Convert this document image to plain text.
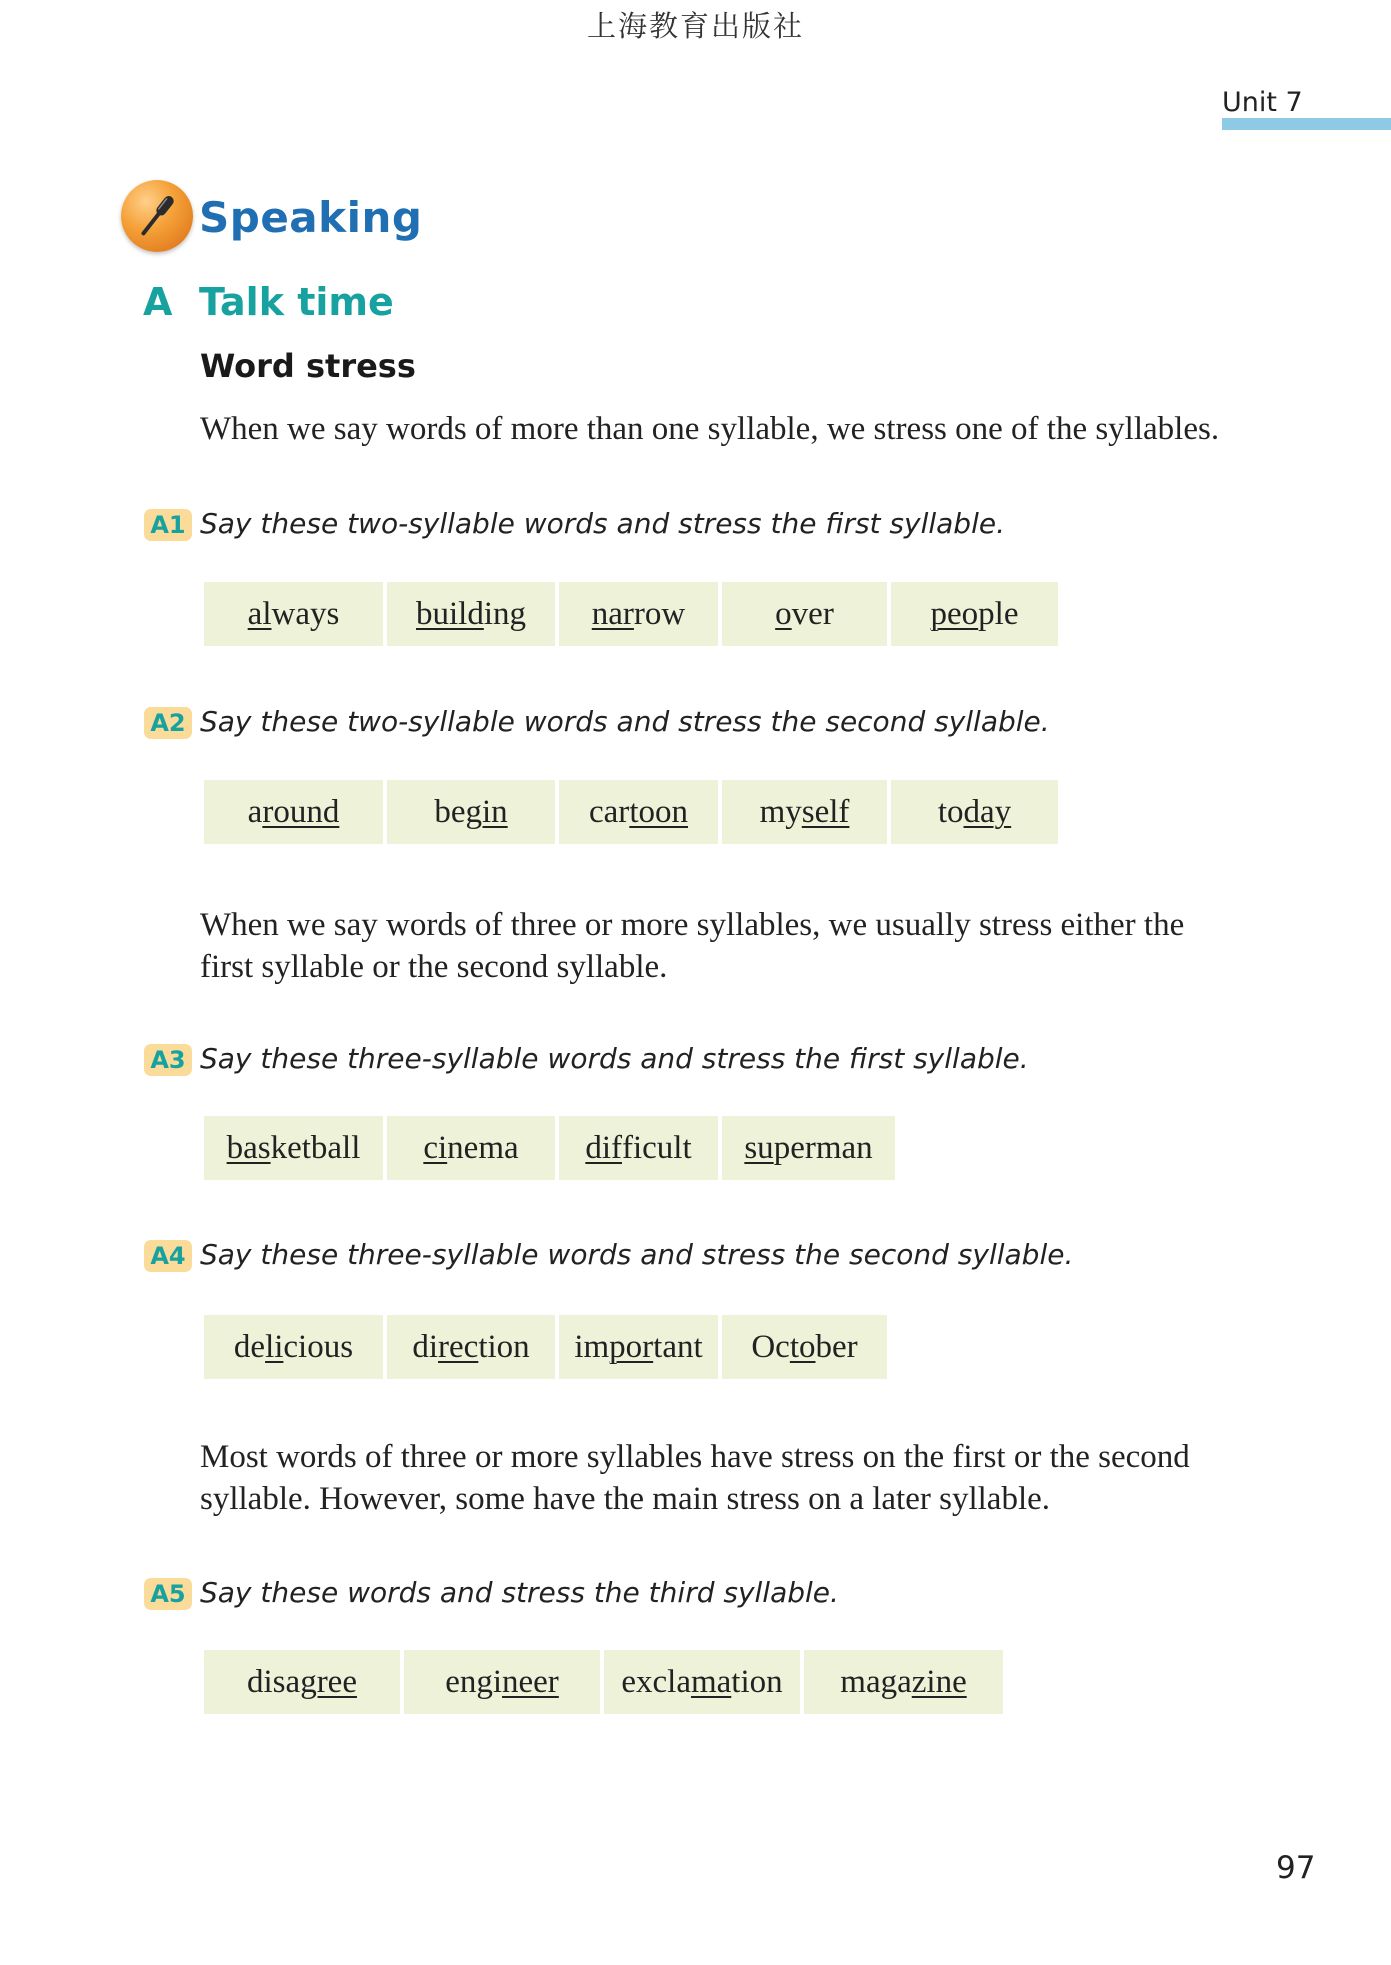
上海教育出版社
Unit 7
Speaking
A Talk time
Word stress
When we say words of more than one syllable, we stress one of the syllables.
A1 Say these two-syllable words and stress the first syllable.
al ways build ing nar row	o ver	peo ple
A2 Say these two-syllable words and stress the second syllable.
a round	be gin car toon my self	to day
When we say words of three or more syllables, we usually stress either the first syllable or the second syllable.
A3 Say these three-syllable words and stress the first syllable.
bas ketball ci nema dif ficult su perman
A4 Say these three-syllable words and stress the second syllable.
de li cious di rec tion im por tant Oc to ber
Most words of three or more syllables have stress on the first or the second syllable. However, some have the main stress on a later syllable.
A5 Say these words and stress the third syllable.
disa gree	engi neer excla ma tion maga zine
97
